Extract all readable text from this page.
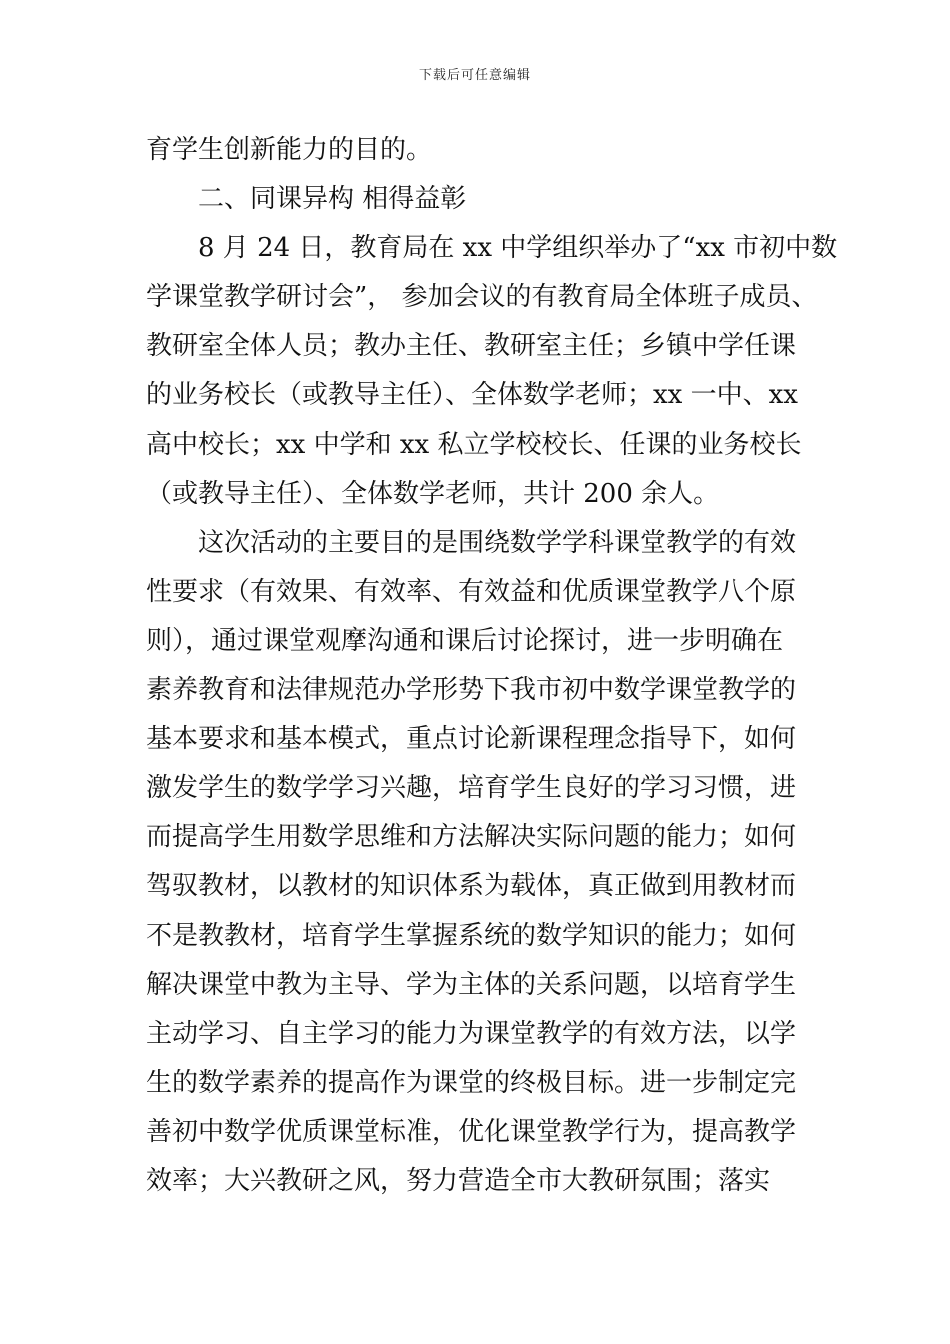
下载后可任意编辑
育学生创新能力的目的。
二、同课异构 相得益彰
8 月 24 日，教育局在 xx 中学组织举办了“xx 市初中数
学课堂教学研讨会”， 参加会议的有教育局全体班子成员、
教研室全体人员；教办主任、教研室主任；乡镇中学任课
的业务校长（或教导主任）、全体数学老师；xx 一中、xx
高中校长；xx 中学和 xx 私立学校校长、任课的业务校长
（或教导主任）、全体数学老师，共计 200 余人。
这次活动的主要目的是围绕数学学科课堂教学的有效
性要求（有效果、有效率、有效益和优质课堂教学八个原
则），通过课堂观摩沟通和课后讨论探讨，进一步明确在
素养教育和法律规范办学形势下我市初中数学课堂教学的
基本要求和基本模式，重点讨论新课程理念指导下，如何
激发学生的数学学习兴趣，培育学生良好的学习习惯，进
而提高学生用数学思维和方法解决实际问题的能力；如何
驾驭教材，以教材的知识体系为载体，真正做到用教材而
不是教教材，培育学生掌握系统的数学知识的能力；如何
解决课堂中教为主导、学为主体的关系问题，以培育学生
主动学习、自主学习的能力为课堂教学的有效方法，以学
生的数学素养的提高作为课堂的终极目标。进一步制定完
善初中数学优质课堂标准，优化课堂教学行为，提高教学
效率；大兴教研之风，努力营造全市大教研氛围；落实
